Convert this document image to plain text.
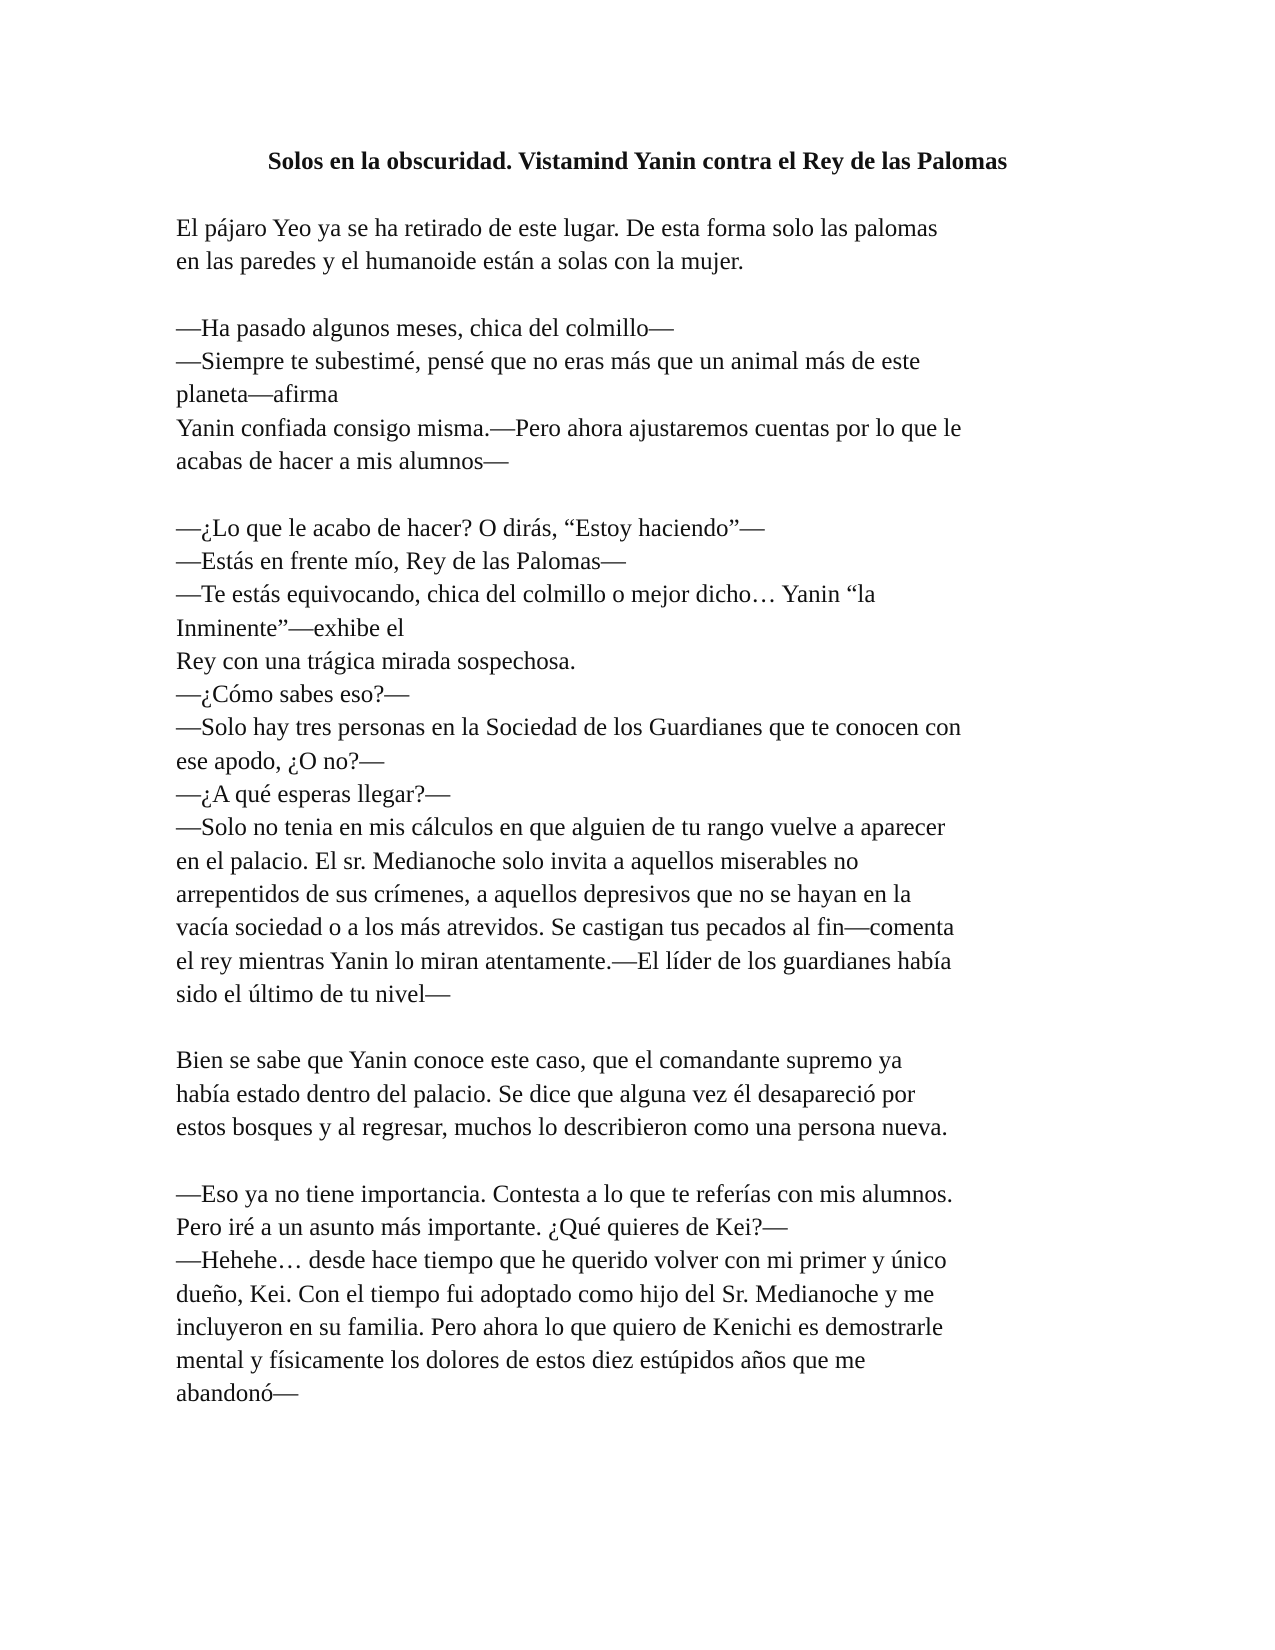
Solos en la obscuridad. Vistamind Yanin contra el Rey de las Palomas
El pájaro Yeo ya se ha retirado de este lugar. De esta forma solo las palomas
en las paredes y el humanoide están a solas con la mujer.
—Ha pasado algunos meses, chica del colmillo—
—Siempre te subestimé, pensé que no eras más que un animal más de este
planeta—afirma
Yanin confiada consigo misma.—Pero ahora ajustaremos cuentas por lo que le
acabas de hacer a mis alumnos—
—¿Lo que le acabo de hacer? O dirás, “Estoy haciendo”—
—Estás en frente mío, Rey de las Palomas—
—Te estás equivocando, chica del colmillo o mejor dicho… Yanin “la
Inminente”—exhibe el
Rey con una trágica mirada sospechosa.
—¿Cómo sabes eso?—
—Solo hay tres personas en la Sociedad de los Guardianes que te conocen con
ese apodo, ¿O no?—
—¿A qué esperas llegar?—
—Solo no tenia en mis cálculos en que alguien de tu rango vuelve a aparecer
en el palacio. El sr. Medianoche solo invita a aquellos miserables no
arrepentidos de sus crímenes, a aquellos depresivos que no se hayan en la
vacía sociedad o a los más atrevidos. Se castigan tus pecados al fin—comenta
el rey mientras Yanin lo miran atentamente.—El líder de los guardianes había
sido el último de tu nivel—
Bien se sabe que Yanin conoce este caso, que el comandante supremo ya
había estado dentro del palacio. Se dice que alguna vez él desapareció por
estos bosques y al regresar, muchos lo describieron como una persona nueva.
—Eso ya no tiene importancia. Contesta a lo que te referías con mis alumnos.
Pero iré a un asunto más importante. ¿Qué quieres de Kei?—
—Hehehe… desde hace tiempo que he querido volver con mi primer y único
dueño, Kei. Con el tiempo fui adoptado como hijo del Sr. Medianoche y me
incluyeron en su familia. Pero ahora lo que quiero de Kenichi es demostrarle
mental y físicamente los dolores de estos diez estúpidos años que me
abandonó—
